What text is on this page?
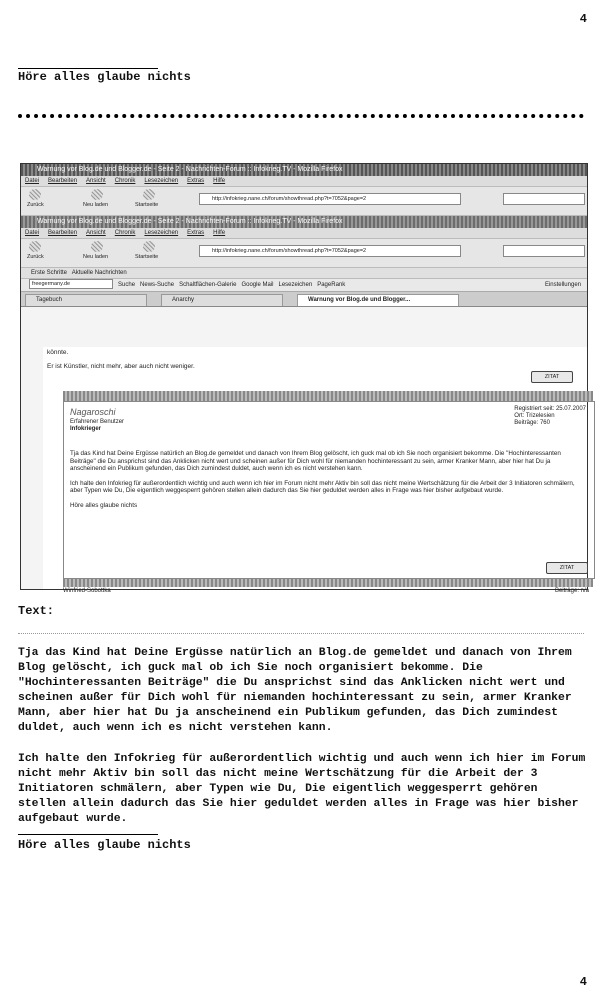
4
Höre alles glaube nichts
Warnung vor Blog.de und Blogger.de - Seite 2 - Nachrichten-Forum :: Infokrieg.TV - Mozilla Firefox
Datei Bearbeiten Ansicht Chronik Lesezeichen Extras Hilfe
Zurück	Neu laden	Startseite
http://infokrieg.nane.ch/forum/showthread.php?t=7052&page=2
Warnung vor Blog.de und Blogger.de - Seite 2 - Nachrichten-Forum :: Infokrieg.TV - Mozilla Firefox
Datei Bearbeiten Ansicht Chronik Lesezeichen Extras Hilfe
Zurück	Neu laden	Startseite
http://infokrieg.nane.ch/forum/showthread.php?t=7052&page=2
Erste Schritte Aktuelle Nachrichten
freegermany.de	Suche News-Suche Schaltflächen-Galerie Google Mail Lesezeichen PageRank	Einstellungen
Tagebuch	Anarchy	Warnung vor Blog.de und Blogger...

könnte.

Er ist Künstler, nicht mehr, aber auch nicht weniger.

ZITAT
Nagaroschi
Erfahrener Benutzer
Infokrieger
Registriert seit: 25.07.2007
Ort: Trizelesien
Beiträge: 760

Tja das Kind hat Deine Ergüsse natürlich an Blog.de gemeldet und danach von Ihrem Blog gelöscht, ich guck mal ob ich Sie noch organisiert bekomme. Die "Hochinteressanten Beiträge" die Du ansprichst sind das Anklicken nicht wert und scheinen außer für Dich wohl für niemanden hochinteressant zu sein, armer Kranker Mann, aber hier hat Du ja anscheinend ein Publikum gefunden, das Dich zumindest duldet, auch wenn ich es nicht verstehen kann.

Ich halte den Infokrieg für außerordentlich wichtig und auch wenn ich hier im Forum nicht mehr Aktiv bin soll das nicht meine Wertschätzung für die Arbeit der 3 Initiatoren schmälern, aber Typen wie Du, Die eigentlich weggesperrt gehören stellen allein dadurch das Sie hier geduldet werden alles in Frage was hier bisher aufgebaut wurde.

Höre alles glaube nichts

ZITAT
Winfried-Sobottka	Beiträge: n/a
Text:

Tja das Kind hat Deine Ergüsse natürlich an Blog.de gemeldet und danach von Ihrem Blog gelöscht, ich guck mal ob ich Sie noch organisiert bekomme. Die "Hochinteressanten Beiträge" die Du ansprichst sind das Anklicken nicht wert und scheinen außer für Dich wohl für niemanden hochinteressant zu sein, armer Kranker Mann, aber hier hat Du ja anscheinend ein Publikum gefunden, das Dich zumindest duldet, auch wenn ich es nicht verstehen kann.

Ich halte den Infokrieg für außerordentlich wichtig und auch wenn ich hier im Forum nicht mehr Aktiv bin soll das nicht meine Wertschätzung für die Arbeit der 3 Initiatoren schmälern, aber Typen wie Du, Die eigentlich weggesperrt gehören stellen allein dadurch das Sie hier geduldet werden alles in Frage was hier bisher aufgebaut wurde.

Höre alles glaube nichts
4
